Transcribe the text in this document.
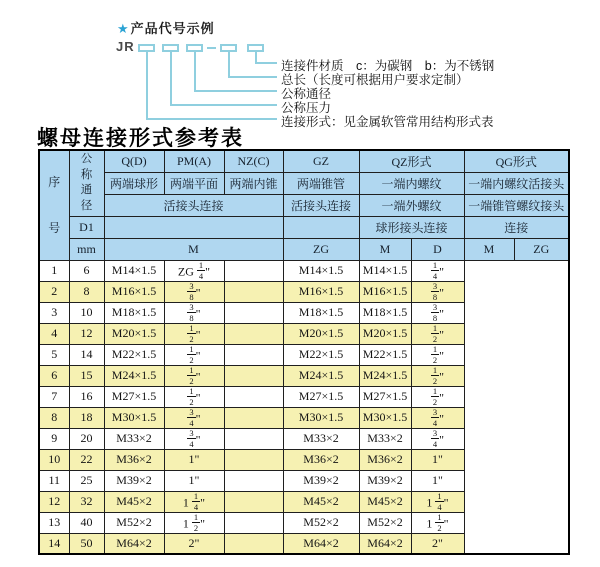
★产品代号示例
JR
连接件材质　c：为碳钢　b：为不锈钢
总长（长度可根据用户要求定制）
公称通径
公称压力
连接形式：见金属软管常用结构形式表
螺母连接形式参考表
序号	公称通径	Q(D)	PM(A)	NZ(C)	GZ	QZ形式		QG形式	
		两端球形	两端平面	两端内锥	两端锥管	一端内螺纹		一端内螺纹活接头	
		活接头连接			活接头连接	一端外螺纹		一端锥管螺纹接头	
	D1					球形接头连接		连接	
	mm	M			ZG	M	D	M	ZG
1	6	M14×1.5	ZG $\frac{1}{4}$ "		M14×1.5	M14×1.5	$\frac{1}{4}$ "		
2	8	M16×1.5	$\frac{3}{8}$ "		M16×1.5	M16×1.5	$\frac{3}{8}$ "		
3	10	M18×1.5	$\frac{3}{8}$ "		M18×1.5	M18×1.5	$\frac{3}{8}$ "		
4	12	M20×1.5	$\frac{1}{2}$ "		M20×1.5	M20×1.5	$\frac{1}{2}$ "		
5	14	M22×1.5	$\frac{1}{2}$ "		M22×1.5	M22×1.5	$\frac{1}{2}$ "		
6	15	M24×1.5	$\frac{1}{2}$ "		M24×1.5	M24×1.5	$\frac{1}{2}$ "		
7	16	M27×1.5	$\frac{1}{2}$ "		M27×1.5	M27×1.5	$\frac{1}{2}$ "		
8	18	M30×1.5	$\frac{3}{4}$ "		M30×1.5	M30×1.5	$\frac{3}{4}$ "		
9	20	M33×2	$\frac{3}{4}$ "		M33×2	M33×2	$\frac{3}{4}$ "		
10	22	M36×2	1"		M36×2	M36×2	1"		
11	25	M39×2	1"		M39×2	M39×2	1"		
12	32	M45×2	$1 \frac{1}{4}$ "		M45×2	M45×2	$1 \frac{1}{4}$ "		
13	40	M52×2	$1 \frac{1}{2}$ "		M52×2	M52×2	$1 \frac{1}{2}$ "		
14	50	M64×2	2"		M64×2	M64×2	2"		
